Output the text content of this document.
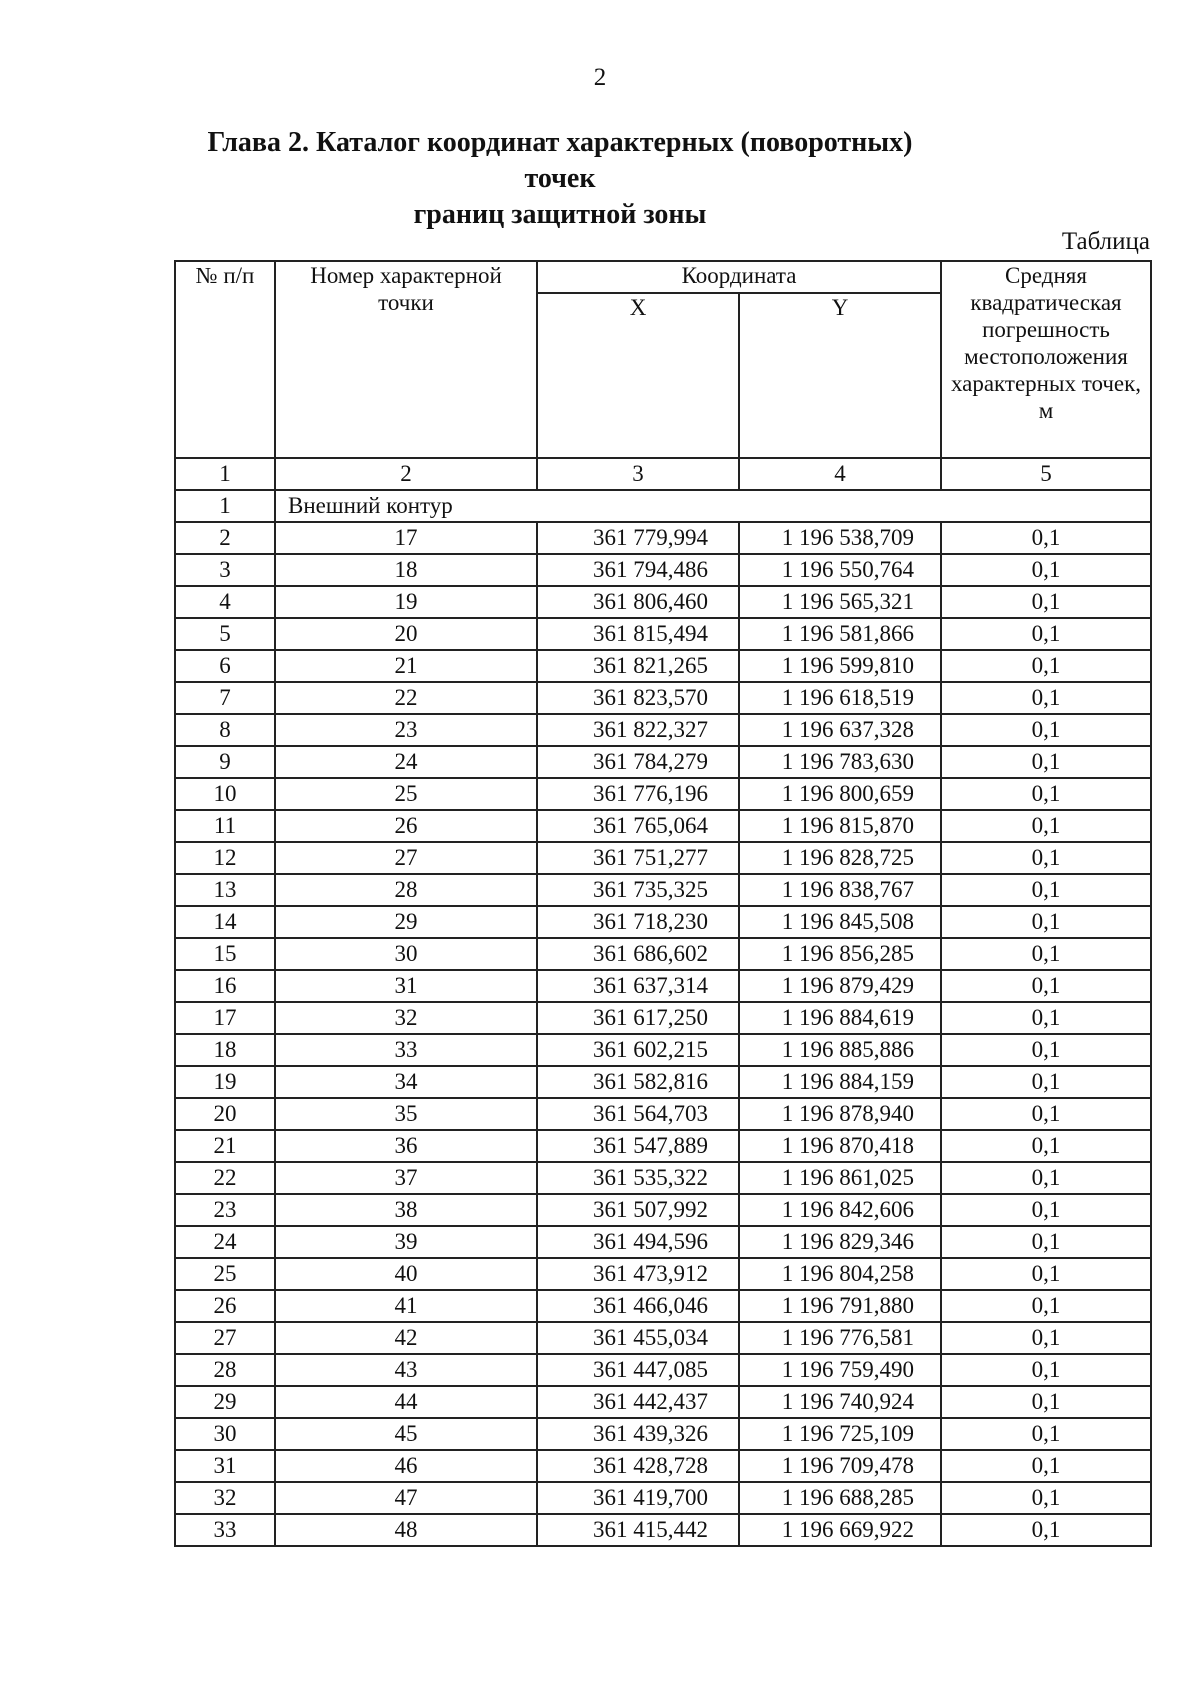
2
Глава 2. Каталог координат характерных (поворотных) точек
границ защитной зоны
Таблица
№ п/п	Номер характерной точки	Координата		Средняя квадратическая погрешность местоположения характерных точек, м
		X	Y	
1	2	3	4	5
1	Внешний контур			
2	17	361 779,994	1 196 538,709	0,1
3	18	361 794,486	1 196 550,764	0,1
4	19	361 806,460	1 196 565,321	0,1
5	20	361 815,494	1 196 581,866	0,1
6	21	361 821,265	1 196 599,810	0,1
7	22	361 823,570	1 196 618,519	0,1
8	23	361 822,327	1 196 637,328	0,1
9	24	361 784,279	1 196 783,630	0,1
10	25	361 776,196	1 196 800,659	0,1
11	26	361 765,064	1 196 815,870	0,1
12	27	361 751,277	1 196 828,725	0,1
13	28	361 735,325	1 196 838,767	0,1
14	29	361 718,230	1 196 845,508	0,1
15	30	361 686,602	1 196 856,285	0,1
16	31	361 637,314	1 196 879,429	0,1
17	32	361 617,250	1 196 884,619	0,1
18	33	361 602,215	1 196 885,886	0,1
19	34	361 582,816	1 196 884,159	0,1
20	35	361 564,703	1 196 878,940	0,1
21	36	361 547,889	1 196 870,418	0,1
22	37	361 535,322	1 196 861,025	0,1
23	38	361 507,992	1 196 842,606	0,1
24	39	361 494,596	1 196 829,346	0,1
25	40	361 473,912	1 196 804,258	0,1
26	41	361 466,046	1 196 791,880	0,1
27	42	361 455,034	1 196 776,581	0,1
28	43	361 447,085	1 196 759,490	0,1
29	44	361 442,437	1 196 740,924	0,1
30	45	361 439,326	1 196 725,109	0,1
31	46	361 428,728	1 196 709,478	0,1
32	47	361 419,700	1 196 688,285	0,1
33	48	361 415,442	1 196 669,922	0,1
